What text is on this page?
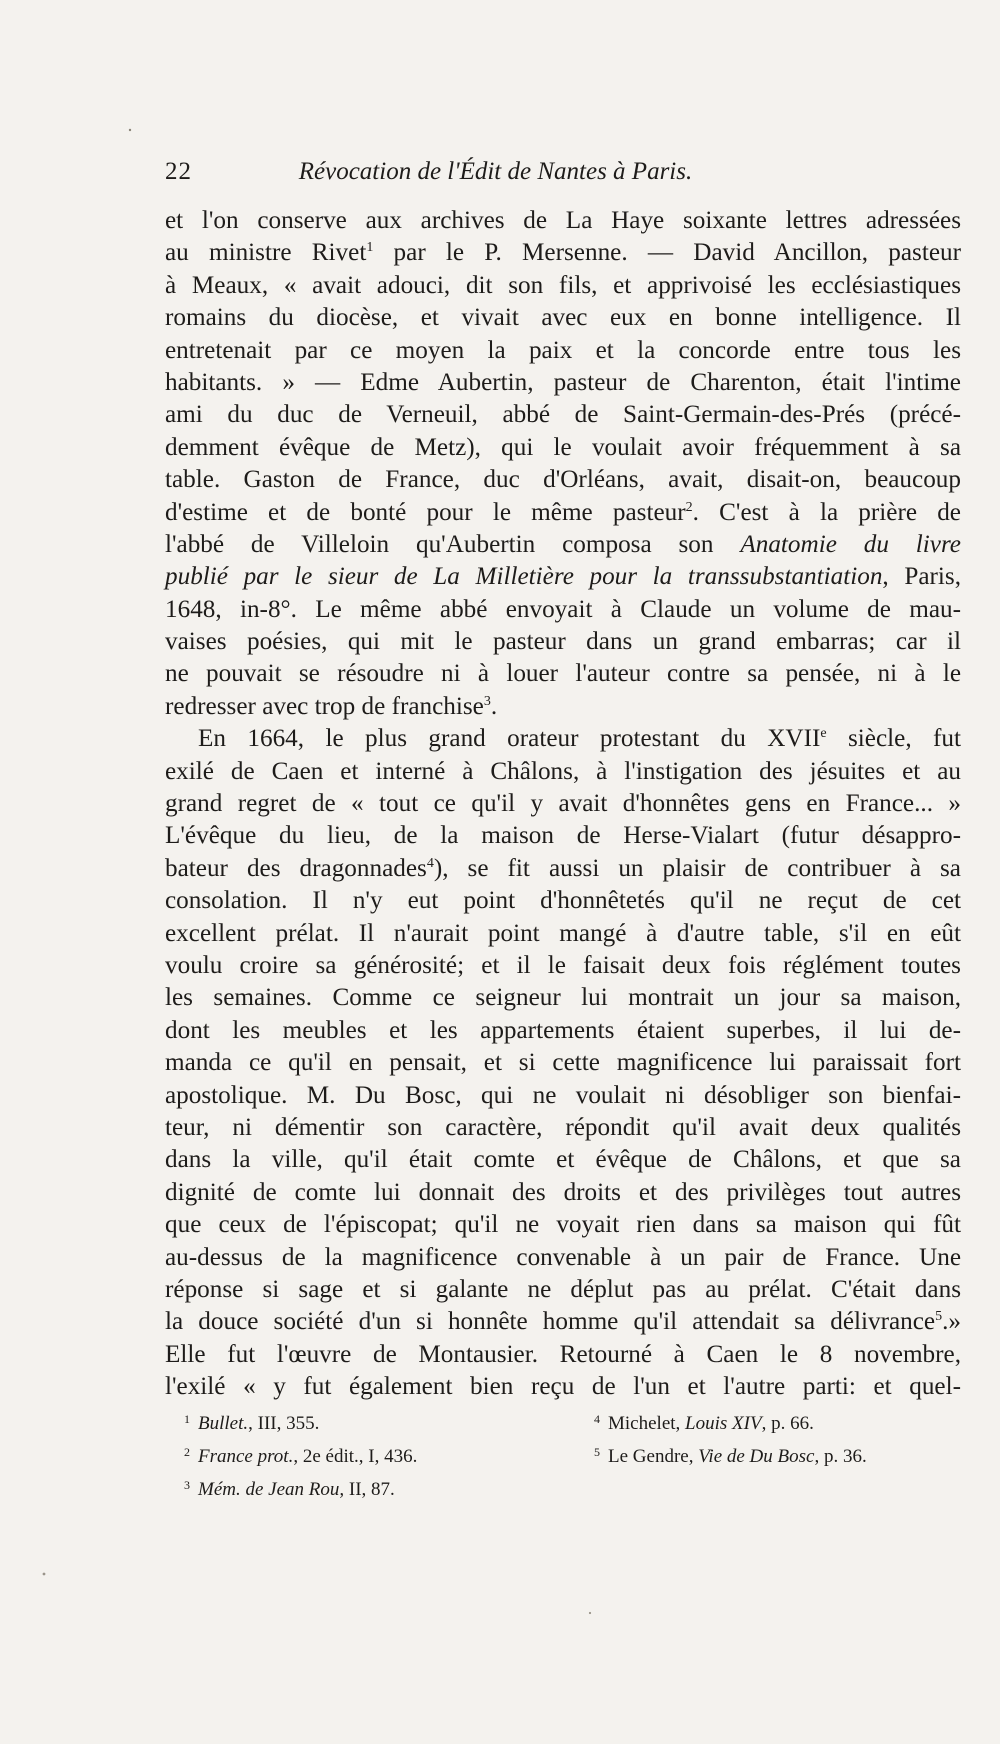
22	Révocation de l'Édit de Nantes à Paris.
et l'on conserve aux archives de La Haye soixante lettres adressées
au ministre Rivet$^1$ par le P. Mersenne. — David Ancillon, pasteur
à Meaux, « avait adouci, dit son fils, et apprivoisé les ecclésiastiques
romains du diocèse, et vivait avec eux en bonne intelligence. Il
entretenait par ce moyen la paix et la concorde entre tous les
habitants. » — Edme Aubertin, pasteur de Charenton, était l'intime
ami du duc de Verneuil, abbé de Saint-Germain-des-Prés (précé-
demment évêque de Metz), qui le voulait avoir fréquemment à sa
table. Gaston de France, duc d'Orléans, avait, disait-on, beaucoup
d'estime et de bonté pour le même pasteur$^2$. C'est à la prière de
l'abbé de Villeloin qu'Aubertin composa son Anatomie du livre
publié par le sieur de La Milletière pour la transsubstantiation, Paris,
1648, in-8°. Le même abbé envoyait à Claude un volume de mau-
vaises poésies, qui mit le pasteur dans un grand embarras; car il
ne pouvait se résoudre ni à louer l'auteur contre sa pensée, ni à le
redresser avec trop de franchise$^3$.
En 1664, le plus grand orateur protestant du XVIIe siècle, fut
exilé de Caen et interné à Châlons, à l'instigation des jésuites et au
grand regret de « tout ce qu'il y avait d'honnêtes gens en France... »
L'évêque du lieu, de la maison de Herse-Vialart (futur désappro-
bateur des dragonnades$^4$), se fit aussi un plaisir de contribuer à sa
consolation. Il n'y eut point d'honnêtetés qu'il ne reçut de cet
excellent prélat. Il n'aurait point mangé à d'autre table, s'il en eût
voulu croire sa générosité; et il le faisait deux fois réglément toutes
les semaines. Comme ce seigneur lui montrait un jour sa maison,
dont les meubles et les appartements étaient superbes, il lui de-
manda ce qu'il en pensait, et si cette magnificence lui paraissait fort
apostolique. M. Du Bosc, qui ne voulait ni désobliger son bienfai-
teur, ni démentir son caractère, répondit qu'il avait deux qualités
dans la ville, qu'il était comte et évêque de Châlons, et que sa
dignité de comte lui donnait des droits et des privilèges tout autres
que ceux de l'épiscopat; qu'il ne voyait rien dans sa maison qui fût
au-dessus de la magnificence convenable à un pair de France. Une
réponse si sage et si galante ne déplut pas au prélat. C'était dans
la douce société d'un si honnête homme qu'il attendait sa délivrance$^5$.»
Elle fut l'œuvre de Montausier. Retourné à Caen le 8 novembre,
l'exilé « y fut également bien reçu de l'un et l'autre parti: et quel-
$^1$ Bullet., III, 355.
$^2$ France prot., 2e édit., I, 436.
$^3$ Mém. de Jean Rou, II, 87.
$^4$ Michelet, Louis XIV, p. 66.
$^5$ Le Gendre, Vie de Du Bosc, p. 36.
